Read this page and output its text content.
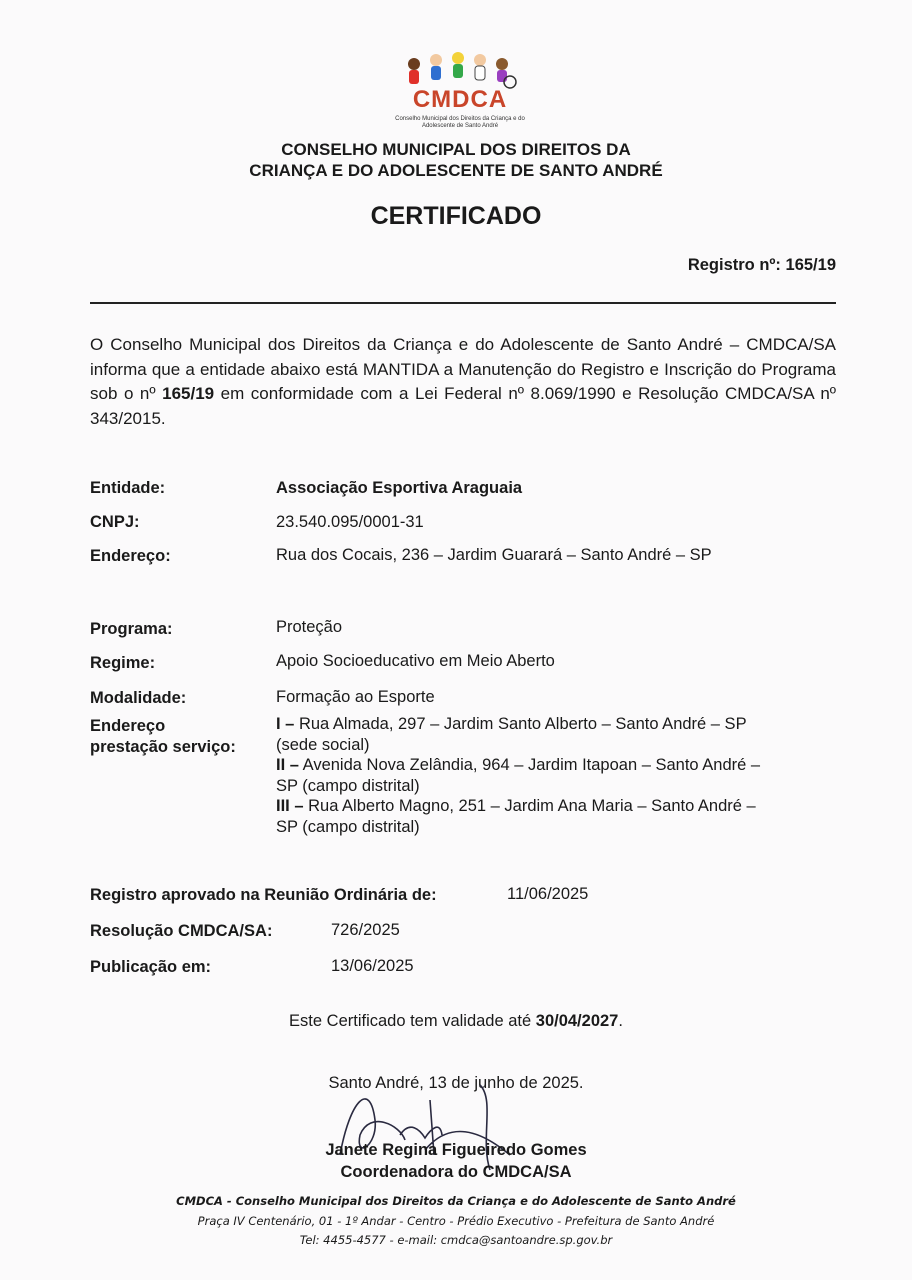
CMDCA
Conselho Municipal dos Direitos da Criança e do Adolescente de Santo André
CONSELHO MUNICIPAL DOS DIREITOS DA
CRIANÇA E DO ADOLESCENTE DE SANTO ANDRÉ
CERTIFICADO
Registro nº: 165/19
O Conselho Municipal dos Direitos da Criança e do Adolescente de Santo André – CMDCA/SA informa que a entidade abaixo está MANTIDA a Manutenção do Registro e Inscrição do Programa sob o nº 165/19 em conformidade com a Lei Federal nº 8.069/1990 e Resolução CMDCA/SA nº 343/2015.
Entidade:	Associação Esportiva Araguaia
CNPJ:	23.540.095/0001-31
Endereço:	Rua dos Cocais, 236 – Jardim Guarará – Santo André – SP
Programa:	Proteção
Regime:	Apoio Socioeducativo em Meio Aberto
Modalidade:	Formação ao Esporte
Endereço
prestação serviço:
I – Rua Almada, 297 – Jardim Santo Alberto – Santo André – SP
(sede social)
II – Avenida Nova Zelândia, 964 – Jardim Itapoan – Santo André –
SP (campo distrital)
III – Rua Alberto Magno, 251 – Jardim Ana Maria – Santo André –
SP (campo distrital)
Registro aprovado na Reunião Ordinária de:	11/06/2025
Resolução CMDCA/SA:	726/2025
Publicação em:	13/06/2025
Este Certificado tem validade até 30/04/2027.
Santo André, 13 de junho de 2025.
Janete Regina Figueiredo Gomes
Coordenadora do CMDCA/SA
CMDCA - Conselho Municipal dos Direitos da Criança e do Adolescente de Santo André
Praça IV Centenário, 01 - 1º Andar - Centro - Prédio Executivo - Prefeitura de Santo André
Tel: 4455-4577 - e-mail: cmdca@santoandre.sp.gov.br
